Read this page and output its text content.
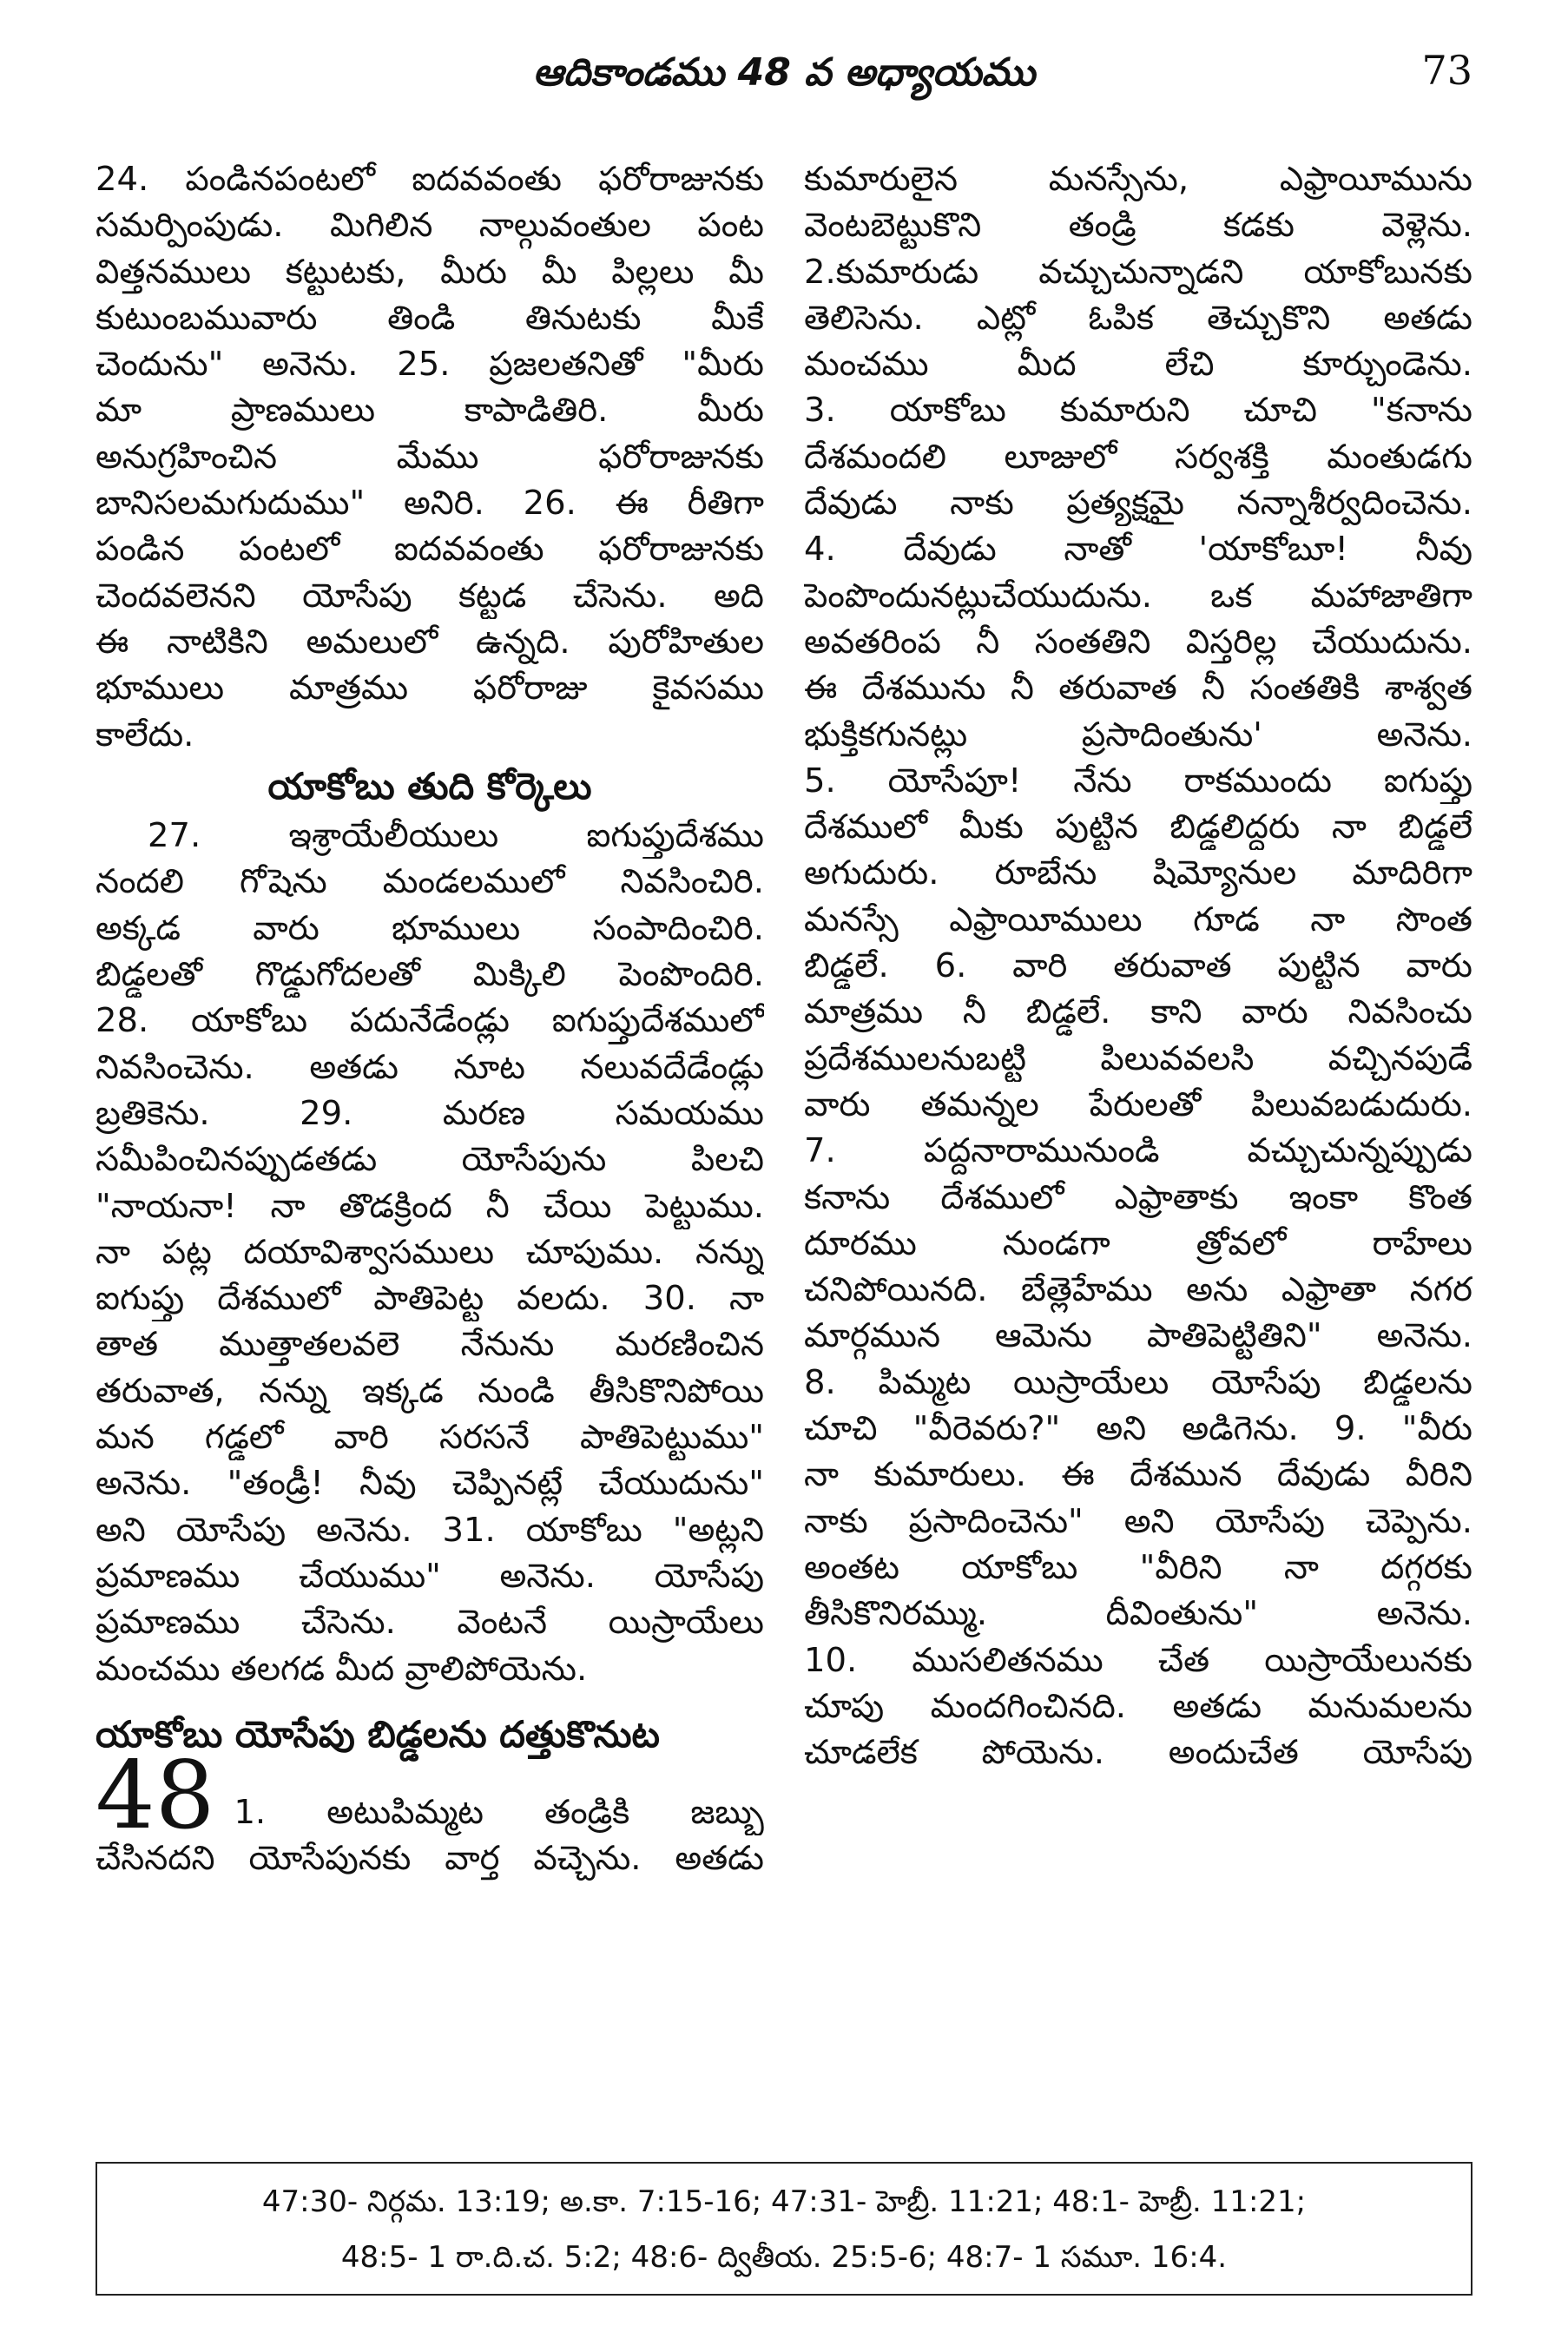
ఆదికాండము 48 వ అధ్యాయము	73

24. పండినపంటలో ఐదవవంతు ఫరోరాజునకు

సమర్పింపుడు. మిగిలిన నాల్గువంతుల పంట

విత్తనములు కట్టుటకు, మీరు మీ పిల్లలు మీ

కుటుంబమువారు తిండి తినుటకు మీకే

చెందును" అనెను. 25. ప్రజలతనితో "మీరు

మా ప్రాణములు కాపాడితిరి. మీరు

అనుగ్రహించిన మేము ఫరోరాజునకు

బానిసలమగుదుము" అనిరి. 26. ఈ రీతిగా

పండిన పంటలో ఐదవవంతు ఫరోరాజునకు

చెందవలెనని యోసేపు కట్టడ చేసెను. అది

ఈ నాటికిని అమలులో ఉన్నది. పురోహితుల

భూములు మాత్రము ఫరోరాజు కైవసము

కాలేదు.

యాకోబు తుది కోర్కెలు

27. ఇశ్రాయేలీయులు ఐగుప్తుదేశము

నందలి గోషెను మండలములో నివసించిరి.

అక్కడ వారు భూములు సంపాదించిరి.

బిడ్డలతో గొడ్డుగోదలతో మిక్కిలి పెంపొందిరి.

28. యాకోబు పదునేడేండ్లు ఐగుప్తుదేశములో

నివసించెను. అతడు నూట నలువదేడేండ్లు

బ్రతికెను. 29. మరణ సమయము

సమీపించినప్పుడతడు యోసేపును పిలచి

"నాయనా! నా తొడక్రింద నీ చేయి పెట్టుము.

నా పట్ల దయావిశ్వాసములు చూపుము. నన్ను

ఐగుప్తు దేశములో పాతిపెట్ట వలదు. 30. నా

తాత ముత్తాతలవలె నేనును మరణించిన

తరువాత, నన్ను ఇక్కడ నుండి తీసికొనిపోయి

మన గడ్డలో వారి సరసనే పాతిపెట్టుము"

అనెను. "తండ్రీ! నీవు చెప్పినట్లే చేయుదును"

అని యోసేపు అనెను. 31. యాకోబు "అట్లని

ప్రమాణము చేయుము" అనెను. యోసేపు

ప్రమాణము చేసెను. వెంటనే యిస్రాయేలు

మంచము తలగడ మీద వ్రాలిపోయెను.

యాకోబు యోసేపు బిడ్డలను దత్తుకొనుట
48 1. అటుపిమ్మట తండ్రికి జబ్బు

చేసినదని యోసేపునకు వార్త వచ్చెను. అతడు

కుమారులైన మనస్సేను, ఎఫ్రాయీమును

వెంటబెట్టుకొని తండ్రి కడకు వెళ్లెను.

2.కుమారుడు వచ్చుచున్నాడని యాకోబునకు

తెలిసెను. ఎట్లో ఓపిక తెచ్చుకొని అతడు

మంచము మీద లేచి కూర్చుండెను.

3. యాకోబు కుమారుని చూచి "కనాను

దేశమందలి లూజులో సర్వశక్తి మంతుడగు

దేవుడు నాకు ప్రత్యక్షమై నన్నాశీర్వదించెను.

4. దేవుడు నాతో 'యాకోబూ! నీవు

పెంపొందునట్లుచేయుదును. ఒక మహాజాతిగా

అవతరింప నీ సంతతిని విస్తరిల్ల చేయుదును.

ఈ దేశమును నీ తరువాత నీ సంతతికి శాశ్వత

భుక్తికగునట్లు ప్రసాదింతును' అనెను.

5. యోసేపూ! నేను రాకముందు ఐగుప్తు

దేశములో మీకు పుట్టిన బిడ్డలిద్దరు నా బిడ్డలే

అగుదురు. రూబేను షిమ్యోనుల మాదిరిగా

మనస్సే ఎఫ్రాయీములు గూడ నా సొంత

బిడ్డలే. 6. వారి తరువాత పుట్టిన వారు

మాత్రము నీ బిడ్డలే. కాని వారు నివసించు

ప్రదేశములనుబట్టి పిలువవలసి వచ్చినపుడే

వారు తమన్నల పేరులతో పిలువబడుదురు.

7. పద్దనారామునుండి వచ్చుచున్నప్పుడు

కనాను దేశములో ఎఫ్రాతాకు ఇంకా కొంత

దూరము నుండగా త్రోవలో రాహేలు

చనిపోయినది. బేత్లెహేము అను ఎఫ్రాతా నగర

మార్గమున ఆమెను పాతిపెట్టితిని" అనెను.

8. పిమ్మట యిస్రాయేలు యోసేపు బిడ్డలను

చూచి "వీరెవరు?" అని అడిగెను. 9. "వీరు

నా కుమారులు. ఈ దేశమున దేవుడు వీరిని

నాకు ప్రసాదించెను" అని యోసేపు చెప్పెను.

అంతట యాకోబు "వీరిని నా దగ్గరకు

తీసికొనిరమ్ము. దీవింతును" అనెను.

10. ముసలితనము చేత యిస్రాయేలునకు

చూపు మందగించినది. అతడు మనుమలను

చూడలేక పోయెను. అందుచేత యోసేపు

47:30- నిర్గమ. 13:19; అ.కా. 7:15-16; 47:31- హెబ్రీ. 11:21; 48:1- హెబ్రీ. 11:21;
48:5- 1 రా.ది.చ. 5:2; 48:6- ద్వితీయ. 25:5-6; 48:7- 1 సమూ. 16:4.
